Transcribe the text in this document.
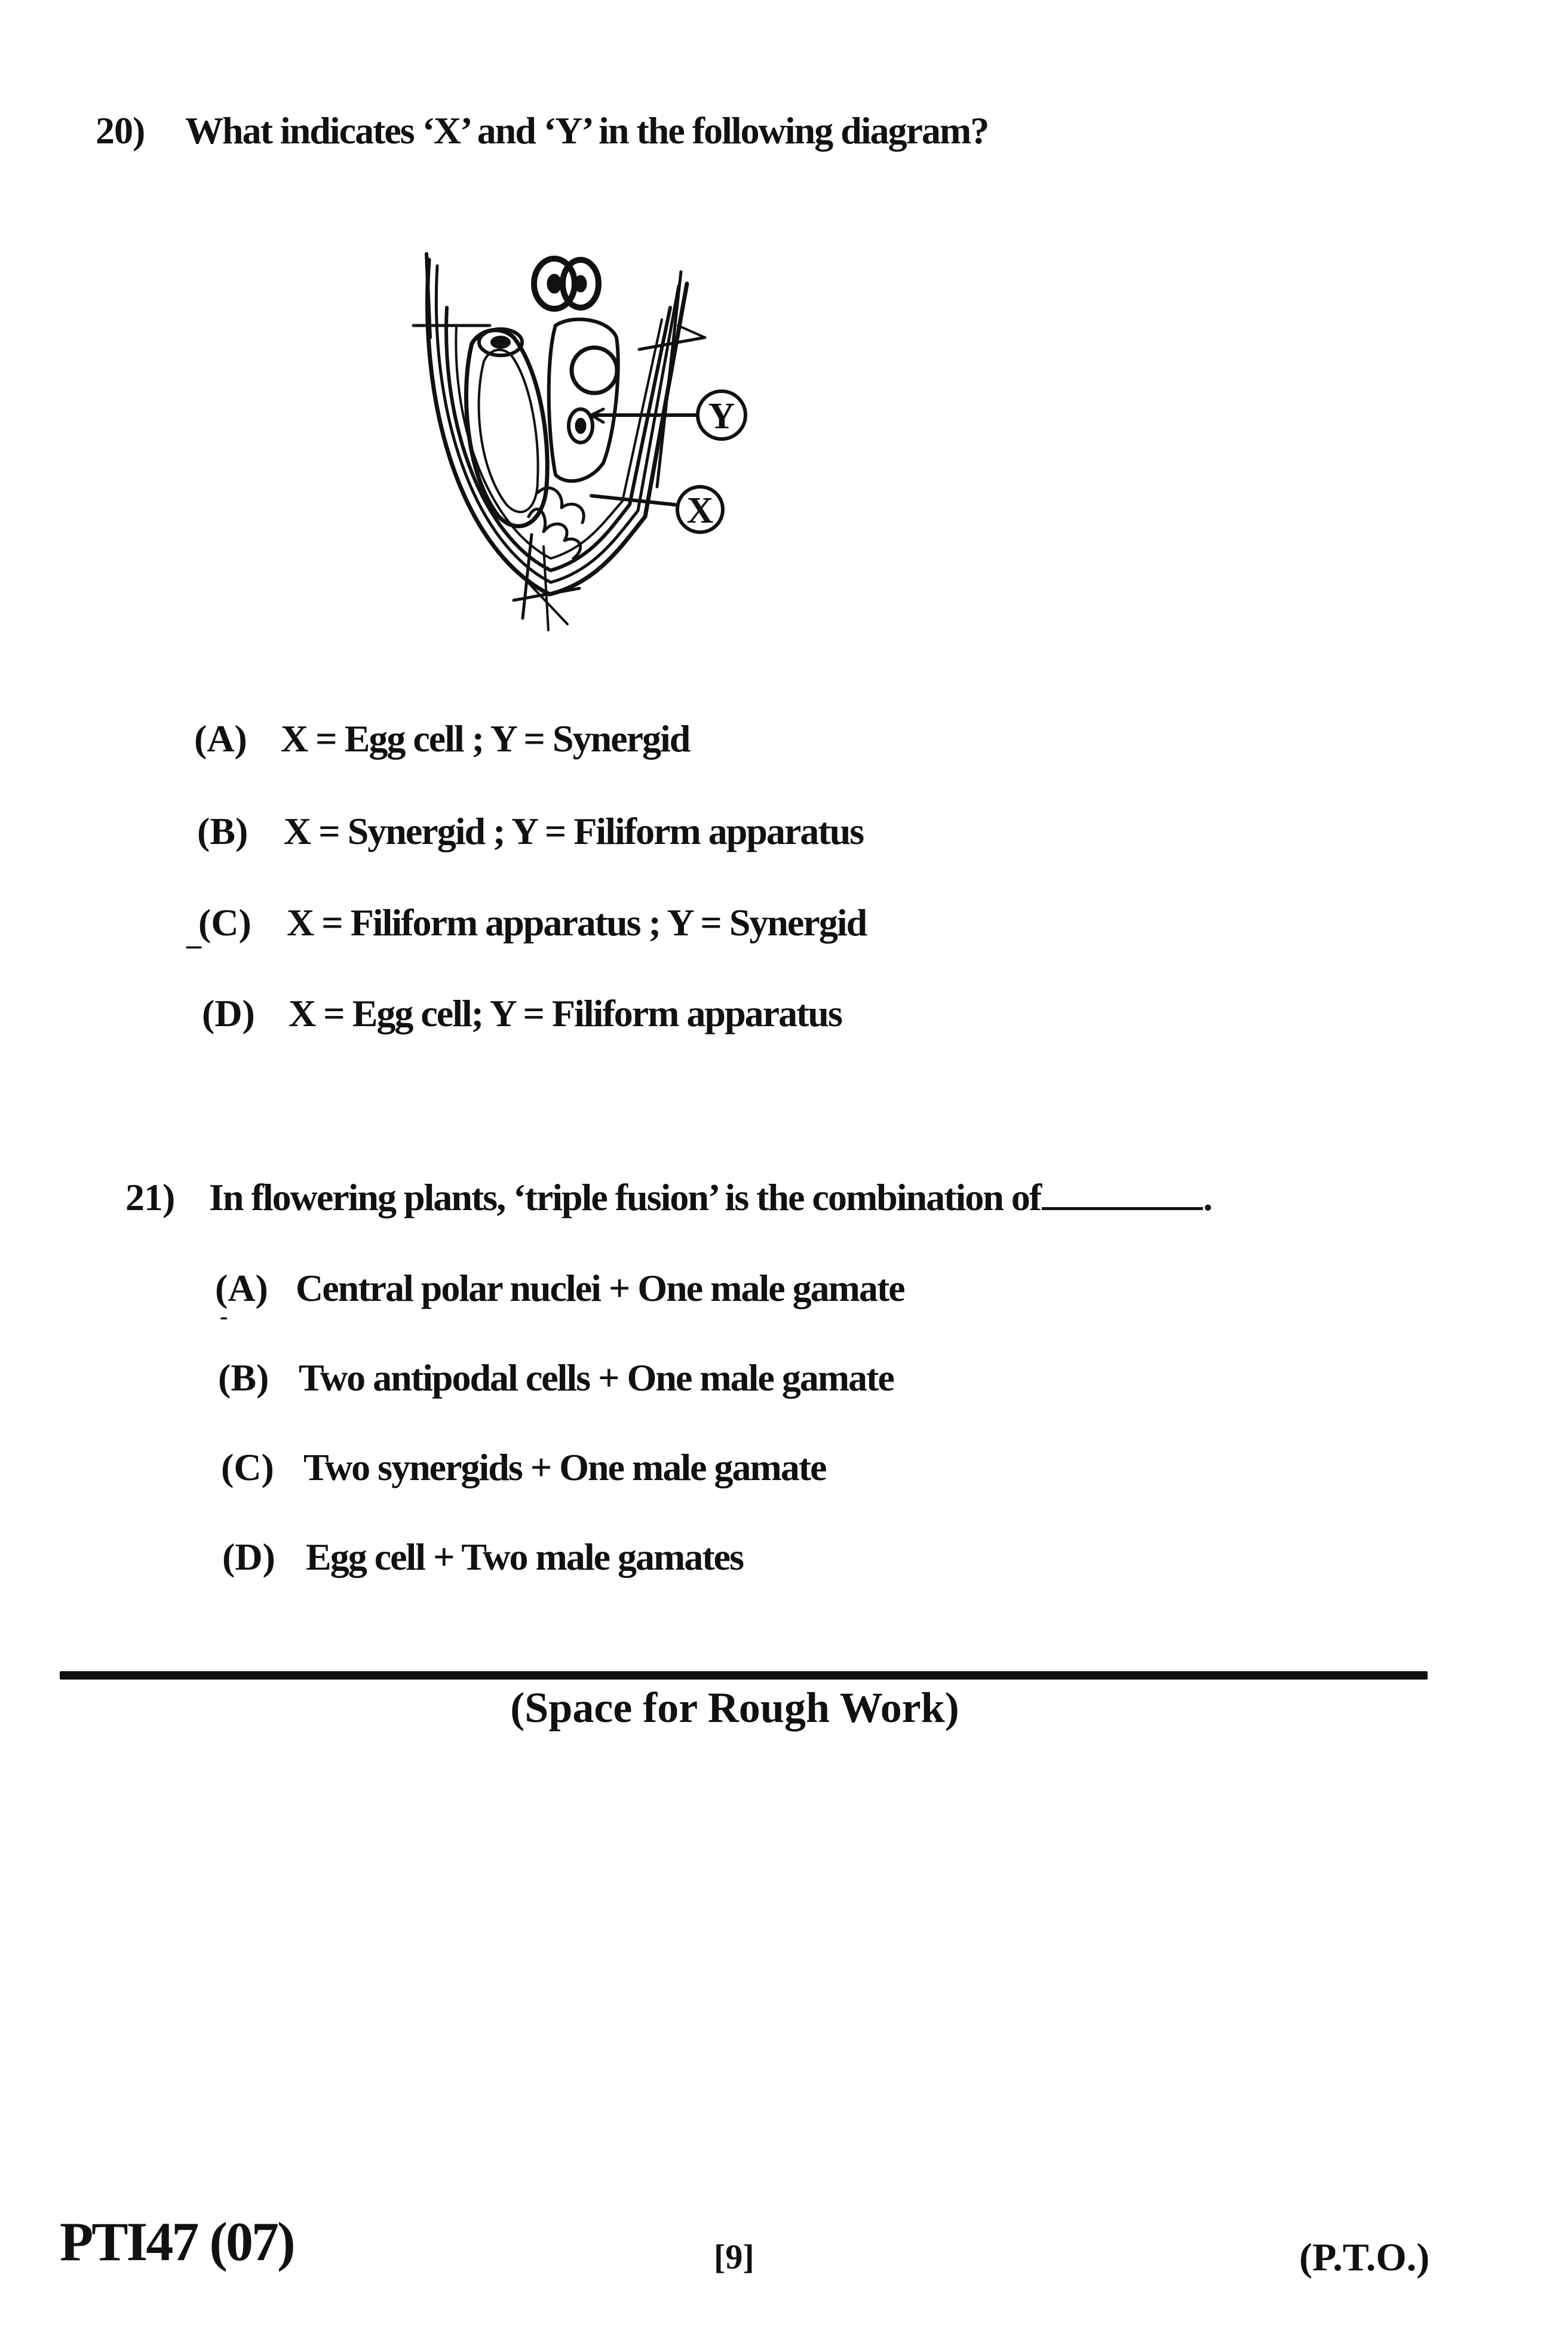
20) What indicates ‘X’ and ‘Y’ in the following diagram?
Y
X
(A) X = Egg cell ; Y = Synergid
(B) X = Synergid ; Y = Filiform apparatus
_
(C) X = Filiform apparatus ; Y = Synergid
(D) X = Egg cell; Y = Filiform apparatus
21) In flowering plants, ‘triple fusion’ is the combination of	.
(A) Central polar nuclei + One male gamate
-
(B) Two antipodal cells + One male gamate
(C) Two synergids + One male gamate
(D) Egg cell + Two male gamates
(Space for Rough Work)
PTI47 (07)	[9]	(P.T.O.)
